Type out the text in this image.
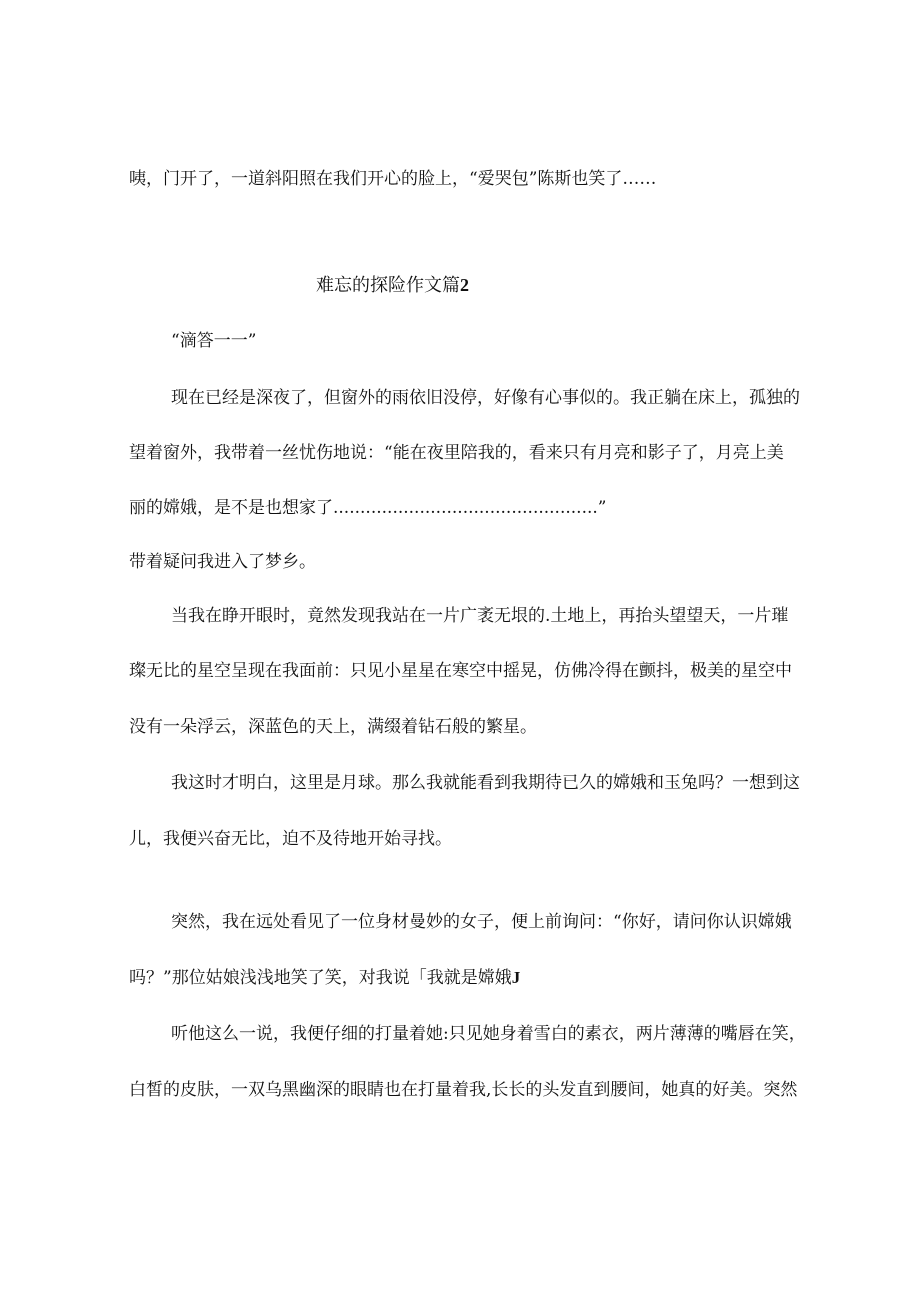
咦，门开了，一道斜阳照在我们开心的脸上，“爱哭包”陈斯也笑了……
难忘的探险作文篇2
“滴答一一”
现在已经是深夜了，但窗外的雨依旧没停，好像有心事似的。我正躺在床上，孤独的
望着窗外，我带着一丝忧伤地说：“能在夜里陪我的，看来只有月亮和影子了，月亮上美
丽的嫦娥，是不是也想家了.................................................”
带着疑问我进入了梦乡。
当我在睁开眼时，竟然发现我站在一片广袤无垠的.土地上，再抬头望望天，一片璀
璨无比的星空呈现在我面前：只见小星星在寒空中摇晃，仿佛冷得在颤抖，极美的星空中
没有一朵浮云，深蓝色的天上，满缀着钻石般的繁星。
我这时才明白，这里是月球。那么我就能看到我期待已久的嫦娥和玉兔吗？一想到这
儿，我便兴奋无比，迫不及待地开始寻找。
突然，我在远处看见了一位身材曼妙的女子，便上前询问：“你好，请问你认识嫦娥
吗？”那位姑娘浅浅地笑了笑，对我说「我就是嫦娥J
听他这么一说，我便仔细的打量着她:只见她身着雪白的素衣，两片薄薄的嘴唇在笑，
白皙的皮肤，一双乌黑幽深的眼睛也在打量着我,长长的头发直到腰间，她真的好美。突然
